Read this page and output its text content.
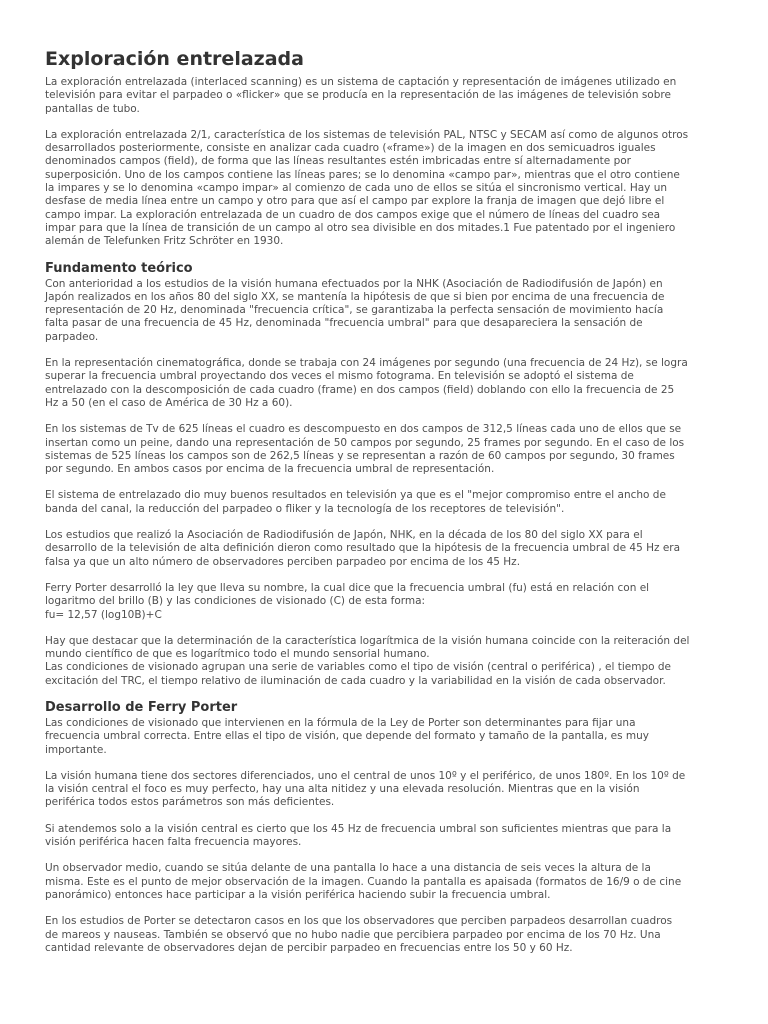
Exploración entrelazada

La exploración entrelazada (interlaced scanning) es un sistema de captación y representación de imágenes utilizado en
televisión para evitar el parpadeo o «flicker» que se producía en la representación de las imágenes de televisión sobre
pantallas de tubo.

La exploración entrelazada 2/1, característica de los sistemas de televisión PAL, NTSC y SECAM así como de algunos otros
desarrollados posteriormente, consiste en analizar cada cuadro («frame») de la imagen en dos semicuadros iguales
denominados campos (field), de forma que las líneas resultantes estén imbricadas entre sí alternadamente por
superposición. Uno de los campos contiene las líneas pares; se lo denomina «campo par», mientras que el otro contiene
la impares y se lo denomina «campo impar» al comienzo de cada uno de ellos se sitúa el sincronismo vertical. Hay un
desfase de media línea entre un campo y otro para que así el campo par explore la franja de imagen que dejó libre el
campo impar. La exploración entrelazada de un cuadro de dos campos exige que el número de líneas del cuadro sea
impar para que la línea de transición de un campo al otro sea divisible en dos mitades.1 Fue patentado por el ingeniero
alemán de Telefunken Fritz Schröter en 1930.

Fundamento teórico

Con anterioridad a los estudios de la visión humana efectuados por la NHK (Asociación de Radiodifusión de Japón) en
Japón realizados en los años 80 del siglo XX, se mantenía la hipótesis de que si bien por encima de una frecuencia de
representación de 20 Hz, denominada "frecuencia crítica", se garantizaba la perfecta sensación de movimiento hacía
falta pasar de una frecuencia de 45 Hz, denominada "frecuencia umbral" para que desapareciera la sensación de
parpadeo.

En la representación cinematográfica, donde se trabaja con 24 imágenes por segundo (una frecuencia de 24 Hz), se logra
superar la frecuencia umbral proyectando dos veces el mismo fotograma. En televisión se adoptó el sistema de
entrelazado con la descomposición de cada cuadro (frame) en dos campos (field) doblando con ello la frecuencia de 25
Hz a 50 (en el caso de América de 30 Hz a 60).

En los sistemas de Tv de 625 líneas el cuadro es descompuesto en dos campos de 312,5 líneas cada uno de ellos que se
insertan como un peine, dando una representación de 50 campos por segundo, 25 frames por segundo. En el caso de los
sistemas de 525 líneas los campos son de 262,5 líneas y se representan a razón de 60 campos por segundo, 30 frames
por segundo. En ambos casos por encima de la frecuencia umbral de representación.

El sistema de entrelazado dio muy buenos resultados en televisión ya que es el "mejor compromiso entre el ancho de
banda del canal, la reducción del parpadeo o fliker y la tecnología de los receptores de televisión".

Los estudios que realizó la Asociación de Radiodifusión de Japón, NHK, en la década de los 80 del siglo XX para el
desarrollo de la televisión de alta definición dieron como resultado que la hipótesis de la frecuencia umbral de 45 Hz era
falsa ya que un alto número de observadores perciben parpadeo por encima de los 45 Hz.

Ferry Porter desarrolló la ley que lleva su nombre, la cual dice que la frecuencia umbral (fu) está en relación con el
logaritmo del brillo (B) y las condiciones de visionado (C) de esta forma:
fu= 12,57 (log10B)+C

Hay que destacar que la determinación de la característica logarítmica de la visión humana coincide con la reiteración del
mundo científico de que es logarítmico todo el mundo sensorial humano.
Las condiciones de visionado agrupan una serie de variables como el tipo de visión (central o periférica) , el tiempo de
excitación del TRC, el tiempo relativo de iluminación de cada cuadro y la variabilidad en la visión de cada observador.

Desarrollo de Ferry Porter

Las condiciones de visionado que intervienen en la fórmula de la Ley de Porter son determinantes para fijar una
frecuencia umbral correcta. Entre ellas el tipo de visión, que depende del formato y tamaño de la pantalla, es muy
importante.

La visión humana tiene dos sectores diferenciados, uno el central de unos 10º y el periférico, de unos 180º. En los 10º de
la visión central el foco es muy perfecto, hay una alta nitidez y una elevada resolución. Mientras que en la visión
periférica todos estos parámetros son más deficientes.

Si atendemos solo a la visión central es cierto que los 45 Hz de frecuencia umbral son suficientes mientras que para la
visión periférica hacen falta frecuencia mayores.

Un observador medio, cuando se sitúa delante de una pantalla lo hace a una distancia de seis veces la altura de la
misma. Este es el punto de mejor observación de la imagen. Cuando la pantalla es apaisada (formatos de 16/9 o de cine
panorámico) entonces hace participar a la visión periférica haciendo subir la frecuencia umbral.

En los estudios de Porter se detectaron casos en los que los observadores que perciben parpadeos desarrollan cuadros
de mareos y nauseas. También se observó que no hubo nadie que percibiera parpadeo por encima de los 70 Hz. Una
cantidad relevante de observadores dejan de percibir parpadeo en frecuencias entre los 50 y 60 Hz.
